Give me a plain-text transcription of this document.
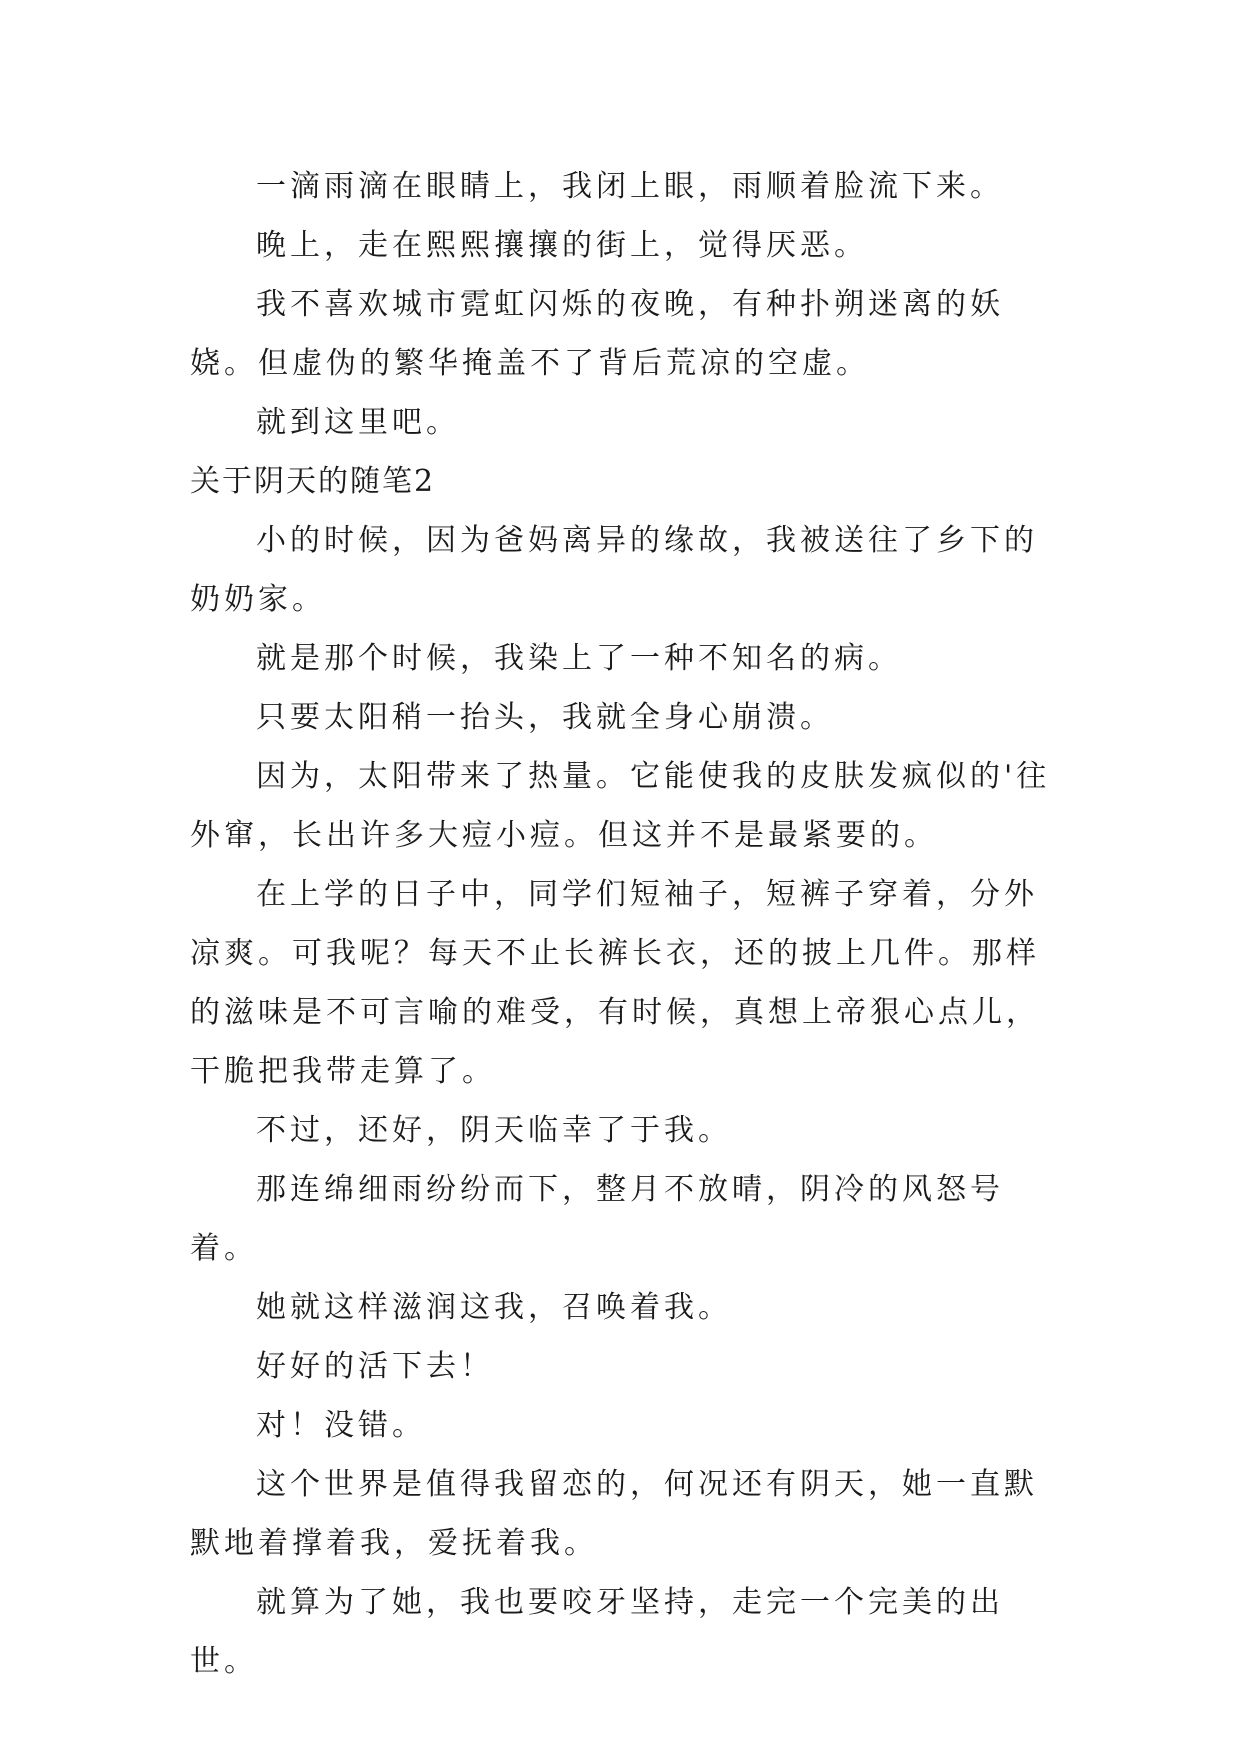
一滴雨滴在眼睛上，我闭上眼，雨顺着脸流下来。

晚上，走在熙熙攘攘的街上，觉得厌恶。

我不喜欢城市霓虹闪烁的夜晚，有种扑朔迷离的妖娆。但虚伪的繁华掩盖不了背后荒凉的空虚。

就到这里吧。

关于阴天的随笔2

小的时候，因为爸妈离异的缘故，我被送往了乡下的奶奶家。

就是那个时候，我染上了一种不知名的病。

只要太阳稍一抬头，我就全身心崩溃。

因为，太阳带来了热量。它能使我的皮肤发疯似的'往外窜，长出许多大痘小痘。但这并不是最紧要的。

在上学的日子中，同学们短袖子，短裤子穿着，分外凉爽。可我呢？每天不止长裤长衣，还的披上几件。那样的滋味是不可言喻的难受，有时候，真想上帝狠心点儿，干脆把我带走算了。

不过，还好，阴天临幸了于我。

那连绵细雨纷纷而下，整月不放晴，阴冷的风怒号着。

她就这样滋润这我，召唤着我。

好好的活下去！

对！没错。

这个世界是值得我留恋的，何况还有阴天，她一直默默地着撑着我，爱抚着我。

就算为了她，我也要咬牙坚持，走完一个完美的出世。
